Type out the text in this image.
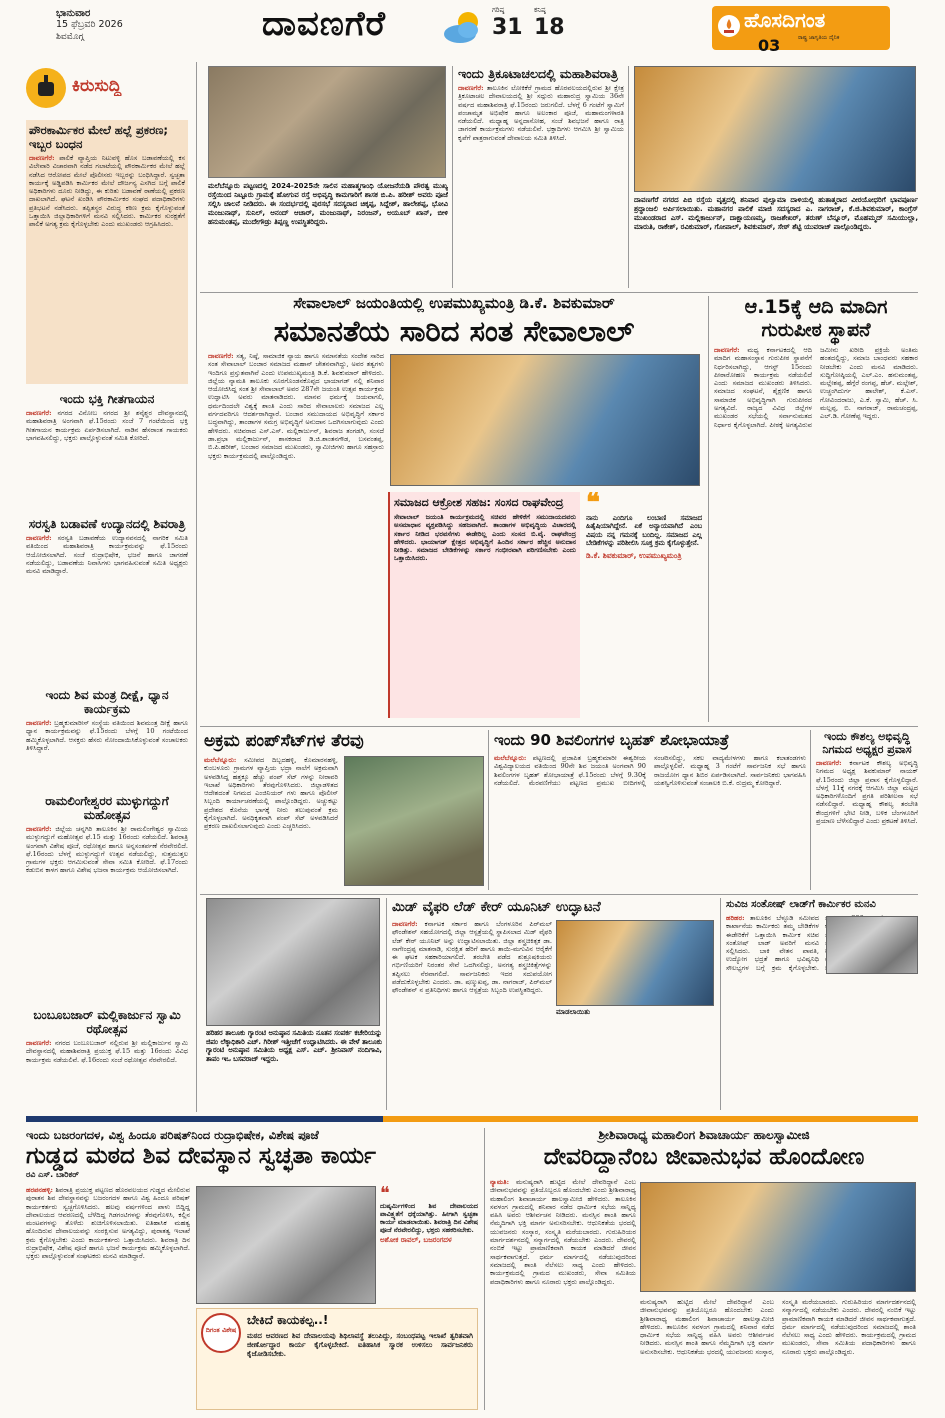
ಭಾನುವಾರ
15 ಫೆಬ್ರವರಿ 2026
ಶಿವಮೊಗ್ಗ	ದಾವಣಗೆರೆ	ಗರಿಷ್ಠ
31
ಕನಿಷ್ಠ
18	ಹೊಸದಿಗಂತ
ರಾಷ್ಟ್ರ ಜಾಗೃತಿಯ ದೈನಿಕ
03
ಕಿರುಸುದ್ದಿ
ಪೌರಕಾರ್ಮಿಕರ ಮೇಲೆ ಹಲ್ಲೆ ಪ್ರಕರಣ; ಇಬ್ಬರ ಬಂಧನ
ದಾವಣಗೆರೆ: ಪಾಲಿಕೆ ವ್ಯಾಪ್ತಿಯ ನಿಟುವಳ್ಳಿ ಹೊಸ ಬಡಾವಣೆಯಲ್ಲಿ ಕಸ ವಿಲೇವಾರಿ ವಿಚಾರವಾಗಿ ನಡೆದ ಗಲಾಟೆಯಲ್ಲಿ ಪೌರಕಾರ್ಮಿಕರ ಮೇಲೆ ಹಲ್ಲೆ ನಡೆಸಿದ ಆರೋಪದ ಮೇಲೆ ಪೊಲೀಸರು ಇಬ್ಬರನ್ನು ಬಂಧಿಸಿದ್ದಾರೆ. ಸ್ವಚ್ಛತಾ ಕಾರ್ಯಕ್ಕೆ ಅಡ್ಡಿಪಡಿಸಿ ಕಾರ್ಮಿಕರ ಮೇಲೆ ದೌರ್ಜನ್ಯ ಎಸಗಿದ ಬಗ್ಗೆ ಪಾಲಿಕೆ ಅಧಿಕಾರಿಗಳು ದೂರು ನೀಡಿದ್ದು, ಈ ಕುರಿತು ಬಡಾವಣೆ ಠಾಣೆಯಲ್ಲಿ ಪ್ರಕರಣ ದಾಖಲಾಗಿದೆ. ಘಟನೆ ಖಂಡಿಸಿ ಪೌರಕಾರ್ಮಿಕರ ಸಂಘದ ಪದಾಧಿಕಾರಿಗಳು ಪ್ರತಿಭಟನೆ ನಡೆಸಿದರು. ತಪ್ಪಿತಸ್ಥರ ವಿರುದ್ಧ ಕಠಿಣ ಕ್ರಮ ಕೈಗೊಳ್ಳುವಂತೆ ಒತ್ತಾಯಿಸಿ ಜಿಲ್ಲಾಧಿಕಾರಿಗಳಿಗೆ ಮನವಿ ಸಲ್ಲಿಸಿದರು. ಕಾರ್ಮಿಕರ ಸುರಕ್ಷತೆಗೆ ಪಾಲಿಕೆ ಅಗತ್ಯ ಕ್ರಮ ಕೈಗೊಳ್ಳಬೇಕು ಎಂದು ಮುಖಂಡರು ಆಗ್ರಹಿಸಿದರು.
ಇಂದು ಭಕ್ತಿ ಗೀತಗಾಯನ
ದಾವಣಗೆರೆ: ನಗರದ ವಿನೋಬ ನಗರದ ಶ್ರೀ ಶನೈಶ್ಚರ ದೇವಸ್ಥಾನದಲ್ಲಿ ಮಹಾಶಿವರಾತ್ರಿ ಅಂಗವಾಗಿ ಫೆ.15ರಂದು ಸಂಜೆ 7 ಗಂಟೆಯಿಂದ ಭಕ್ತಿ ಗೀತಗಾಯನ ಕಾರ್ಯಕ್ರಮ ಏರ್ಪಡಿಸಲಾಗಿದೆ. ನಾಡಿನ ಹೆಸರಾಂತ ಗಾಯಕರು ಭಾಗವಹಿಸಲಿದ್ದು, ಭಕ್ತರು ಪಾಲ್ಗೊಳ್ಳುವಂತೆ ಸಮಿತಿ ಕೋರಿದೆ.
ಸರಸ್ವತಿ ಬಡಾವಣೆ ಉದ್ಯಾನದಲ್ಲಿ ಶಿವರಾತ್ರಿ
ದಾವಣಗೆರೆ: ಸರಸ್ವತಿ ಬಡಾವಣೆಯ ಉದ್ಯಾನವನದಲ್ಲಿ ನಾಗರಿಕ ಸಮಿತಿ ವತಿಯಿಂದ ಮಹಾಶಿವರಾತ್ರಿ ಕಾರ್ಯಕ್ರಮವನ್ನು ಫೆ.15ರಂದು ಆಯೋಜಿಸಲಾಗಿದೆ. ಸಂಜೆ ರುದ್ರಾಭಿಷೇಕ, ಭಜನೆ ಹಾಗೂ ಜಾಗರಣೆ ನಡೆಯಲಿದ್ದು, ಬಡಾವಣೆಯ ನಿವಾಸಿಗಳು ಭಾಗವಹಿಸುವಂತೆ ಸಮಿತಿ ಅಧ್ಯಕ್ಷರು ಮನವಿ ಮಾಡಿದ್ದಾರೆ.
ಇಂದು ಶಿವ ಮಂತ್ರ ದೀಕ್ಷೆ, ಧ್ಯಾನ ಕಾರ್ಯಕ್ರಮ
ದಾವಣಗೆರೆ: ಬ್ರಹ್ಮಕುಮಾರೀಸ್ ಸಂಸ್ಥೆಯ ವತಿಯಿಂದ ಶಿವಮಂತ್ರ ದೀಕ್ಷೆ ಹಾಗೂ ಧ್ಯಾನ ಕಾರ್ಯಕ್ರಮವನ್ನು ಫೆ.15ರಂದು ಬೆಳಗ್ಗೆ 10 ಗಂಟೆಯಿಂದ ಹಮ್ಮಿಕೊಳ್ಳಲಾಗಿದೆ. ಆಸಕ್ತರು ಹೆಸರು ನೋಂದಾಯಿಸಿಕೊಳ್ಳುವಂತೆ ಸಂಚಾಲಕರು ತಿಳಿಸಿದ್ದಾರೆ.
ರಾಮಲಿಂಗೇಶ್ವರರ ಮುಳ್ಳುಗದ್ದುಗೆ ಮಹೋತ್ಸವ
ದಾವಣಗೆರೆ: ಜಿಲ್ಲೆಯ ಚನ್ನಗಿರಿ ತಾಲೂಕಿನ ಶ್ರೀ ರಾಮಲಿಂಗೇಶ್ವರ ಸ್ವಾಮಿಯ ಮುಳ್ಳುಗದ್ದುಗೆ ಮಹೋತ್ಸವ ಫೆ.15 ಮತ್ತು 16ರಂದು ನಡೆಯಲಿದೆ. ಶಿವರಾತ್ರಿ ಅಂಗವಾಗಿ ವಿಶೇಷ ಪೂಜೆ, ರಥೋತ್ಸವ ಹಾಗೂ ಅನ್ನಸಂತರ್ಪಣೆ ನೆರವೇರಲಿದೆ. ಫೆ.16ರಂದು ಬೆಳಗ್ಗೆ ಮುಳ್ಳುಗದ್ದುಗೆ ಉತ್ಸವ ನಡೆಯಲಿದ್ದು, ಸುತ್ತಮುತ್ತಲ ಗ್ರಾಮಗಳ ಭಕ್ತರು ಆಗಮಿಸುವಂತೆ ಸೇವಾ ಸಮಿತಿ ಕೋರಿದೆ. ಫೆ.17ರಂದು ಕಡುಬಿನ ಕಾಳಗ ಹಾಗೂ ವಿಶೇಷ ಭಜನಾ ಕಾರ್ಯಕ್ರಮ ಆಯೋಜಿಸಲಾಗಿದೆ.
ಬಂಬೂಬಜಾರ್ ಮಲ್ಲಿಕಾರ್ಜುನ ಸ್ವಾಮಿ ರಥೋತ್ಸವ
ದಾವಣಗೆರೆ: ನಗರದ ಬಂಬೂಬಜಾರ್ ನಲ್ಲಿರುವ ಶ್ರೀ ಮಲ್ಲಿಕಾರ್ಜುನ ಸ್ವಾಮಿ ದೇವಸ್ಥಾನದಲ್ಲಿ ಮಹಾಶಿವರಾತ್ರಿ ಪ್ರಯುಕ್ತ ಫೆ.15 ಮತ್ತು 16ರಂದು ವಿವಿಧ ಕಾರ್ಯಕ್ರಮ ನಡೆಯಲಿವೆ. ಫೆ.16ರಂದು ಸಂಜೆ ರಥೋತ್ಸವ ನೆರವೇರಲಿದೆ.
ಮಲೆಬೆನ್ನೂರು ಪಟ್ಟಣದಲ್ಲಿ 2024-2025ನೇ ಸಾಲಿನ ಮಹಾತ್ಮಗಾಂಧಿ ಯೋಜನೆಯಡಿ ಪೌರತ್ವ ಮುಖ್ಯ ರಸ್ತೆಯಿಂದ ನಿಟ್ಟೂರು ಗ್ರಾಮಕ್ಕೆ ಹೋಗುವ ರಸ್ತೆ ಅಭಿವೃದ್ಧಿ ಕಾಮಗಾರಿಗೆ ಶಾಸಕ ಬಿ.ಪಿ. ಹರೀಶ್ ಅವರು ಪೂಜೆ ಸಲ್ಲಿಸಿ ಚಾಲನೆ ನೀಡಿದರು. ಈ ಸಂದರ್ಭದಲ್ಲಿ ಪುರಸಭೆ ಸದಸ್ಯರಾದ ಚಿಕ್ಕಪ್ಪ, ಸಿದ್ದೇಶ್, ಹಾಲೇಶಪ್ಪ, ಭೋವಿ ಮಂಜುನಾಥ್, ಸುನಿಲ್, ಆನಂದ್ ಆಚಾರ್, ಮಂಜುನಾಥ್, ನಿರಂಜನ್, ಅಯೂಬ್ ಖಾನ್, ಬೀಳಿ ಹನುಮಂತಪ್ಪ, ಮುದೇಗೌಡ್ರು ತಿಪ್ಪಣ್ಣ ಉಪಸ್ಥಿತರಿದ್ದರು.
ಇಂದು ತ್ರಿಕೂಟಾಚಲದಲ್ಲಿ ಮಹಾಶಿವರಾತ್ರಿ
ದಾವಣಗೆರೆ: ತಾಲೂಕಿನ ಲೋಕಿಕೆರೆ ಗ್ರಾಮದ ಹೊರವಲಯದಲ್ಲಿರುವ ಶ್ರೀ ಕ್ಷೇತ್ರ ತ್ರಿಕೂಟಾಚಲ ದೇವಾಲಯದಲ್ಲಿ ಶ್ರೀ ಸದ್ಗುರು ಮಹಾರುದ್ರ ಸ್ವಾಮಿಯ 36ನೇ ವರ್ಷದ ಮಹಾಶಿವರಾತ್ರಿ ಫೆ.15ರಂದು ಜರುಗಲಿದೆ. ಬೆಳಗ್ಗೆ 6 ಗಂಟೆಗೆ ಸ್ವಾಮಿಗೆ ಪಂಚಾಮೃತ ಅಭಿಷೇಕ ಹಾಗೂ ಅಲಂಕಾರ ಪೂಜೆ, ಮಹಾಮಂಗಳಾರತಿ ನಡೆಯಲಿದೆ. ಮಧ್ಯಾಹ್ನ ಅನ್ನದಾಸೋಹ, ಸಂಜೆ ಶಿವಭಜನೆ ಹಾಗೂ ರಾತ್ರಿ ಜಾಗರಣೆ ಕಾರ್ಯಕ್ರಮಗಳು ನಡೆಯಲಿವೆ. ಭಕ್ತಾದಿಗಳು ಆಗಮಿಸಿ ಶ್ರೀ ಸ್ವಾಮಿಯ ಕೃಪೆಗೆ ಪಾತ್ರರಾಗುವಂತೆ ದೇವಾಲಯ ಸಮಿತಿ ತಿಳಿಸಿದೆ.
ದಾವಣಗೆರೆ ನಗರದ ಪಿಬಿ ರಸ್ತೆಯ ವೃತ್ತದಲ್ಲಿ ಶನಿವಾರ ಪುಲ್ವಾಮಾ ದಾಳಿಯಲ್ಲಿ ಹುತಾತ್ಮರಾದ ವೀರಯೋಧರಿಗೆ ಭಾವಪೂರ್ಣ ಶ್ರದ್ಧಾಂಜಲಿ ಅರ್ಪಿಸಲಾಯಿತು. ಮಹಾನಗರ ಪಾಲಿಕೆ ಮಾಜಿ ಸದಸ್ಯರಾದ ಎ. ನಾಗರಾಜ್, ಕೆ.ಜಿ.ಶಿವಕುಮಾರ್, ಕಾಂಗ್ರೆಸ್ ಮುಖಂಡರಾದ ಎಸ್. ಮಲ್ಲಿಕಾರ್ಜುನ್, ದಾಕ್ಷಾಯಣಮ್ಮ, ರಾಜಶೇಖರ್, ತರುಣ್ ಬೆನ್ನೂರ್, ಮೊಹಮ್ಮದ್ ಸಮಿಯುಲ್ಲಾ, ಮಾರುತಿ, ರಾಕೇಶ್, ರವಿಕುಮಾರ್, ಗೋಪಾಲ್, ಶಿವಕುಮಾರ್, ಸೇಠ್ ಶೆಟ್ಟಿ ಯುವರಾಜ್ ಪಾಲ್ಗೊಂಡಿದ್ದರು.
ಸೇವಾಲಾಲ್ ಜಯಂತಿಯಲ್ಲಿ ಉಪಮುಖ್ಯಮಂತ್ರಿ ಡಿ.ಕೆ. ಶಿವಕುಮಾರ್
ಸಮಾನತೆಯ ಸಾರಿದ ಸಂತ ಸೇವಾಲಾಲ್
ದಾವಣಗೆರೆ: ಸತ್ಯ, ನಿಷ್ಠೆ, ಸಾಮಾಜಿಕ ನ್ಯಾಯ ಹಾಗೂ ಸಮಾನತೆಯ ಸಂದೇಶ ಸಾರಿದ ಸಂತ ಸೇವಾಲಾಲ್ ಬಂಜಾರ ಸಮಾಜದ ಮಹಾನ್ ಚೇತನವಾಗಿದ್ದು, ಅವರ ತತ್ವಗಳು ಇಂದಿಗೂ ಪ್ರಸ್ತುತವಾಗಿವೆ ಎಂದು ಉಪಮುಖ್ಯಮಂತ್ರಿ ಡಿ.ಕೆ. ಶಿವಕುಮಾರ್ ಹೇಳಿದರು. ಜಿಲ್ಲೆಯ ನ್ಯಾಮತಿ ತಾಲೂಕು ಸೂರಗೊಂಡನಕೊಪ್ಪದ ಭಾಯಾಗಡ್ ನಲ್ಲಿ ಶನಿವಾರ ಆಯೋಜಿಸಿದ್ದ ಸಂತ ಶ್ರೀ ಸೇವಾಲಾಲ್ ಅವರ 287ನೇ ಜಯಂತಿ ಉತ್ಸವ ಕಾರ್ಯಕ್ರಮ ಉದ್ಘಾಟಿಸಿ ಅವರು ಮಾತನಾಡಿದರು. ಮಾನವ ಧರ್ಮಕ್ಕೆ ಜಯವಾಗಲಿ, ಧರ್ಮದಿಂದಲೇ ವಿಶ್ವಕ್ಕೆ ಶಾಂತಿ ಎಂದು ಸಾರಿದ ಸೇವಾಲಾಲರು ಸಮಾಜದ ಎಲ್ಲ ವರ್ಗದವರಿಗೂ ಆದರ್ಶರಾಗಿದ್ದಾರೆ. ಬಂಜಾರ ಸಮುದಾಯದ ಅಭಿವೃದ್ಧಿಗೆ ಸರ್ಕಾರ ಬದ್ಧವಾಗಿದ್ದು, ತಾಂಡಾಗಳ ಸಮಗ್ರ ಅಭಿವೃದ್ಧಿಗೆ ಅನುದಾನ ಒದಗಿಸಲಾಗುವುದು ಎಂದು ಹೇಳಿದರು. ಸಚಿವರಾದ ಎಸ್.ಎಸ್. ಮಲ್ಲಿಕಾರ್ಜುನ್, ಶಿವರಾಜ ತಂಗಡಗಿ, ಸಂಸದೆ ಡಾ.ಪ್ರಭಾ ಮಲ್ಲಿಕಾರ್ಜುನ್, ಶಾಸಕರಾದ ಡಿ.ಜಿ.ಶಾಂತನಗೌಡ, ಬಸವಂತಪ್ಪ, ಬಿ.ಪಿ.ಹರೀಶ್, ಬಂಜಾರ ಸಮಾಜದ ಮುಖಂಡರು, ಸ್ವಾಮೀಜಿಗಳು ಹಾಗೂ ಸಹಸ್ರಾರು ಭಕ್ತರು ಕಾರ್ಯಕ್ರಮದಲ್ಲಿ ಪಾಲ್ಗೊಂಡಿದ್ದರು.
ಸಮಾಜದ ಆಕ್ರೋಶ ಸಹಜ: ಸಂಸದ ರಾಘವೇಂದ್ರ
ಸೇವಾಲಾಲ್ ಜಯಂತಿ ಕಾರ್ಯಕ್ರಮದಲ್ಲಿ ಸಚಿವರ ಹೇಳಿಕೆಗೆ ಸಮುದಾಯದವರು ಅಸಮಾಧಾನ ವ್ಯಕ್ತಪಡಿಸಿದ್ದು ಸಹಜವಾಗಿದೆ. ತಾಂಡಾಗಳ ಅಭಿವೃದ್ಧಿಯ ವಿಚಾರದಲ್ಲಿ ಸರ್ಕಾರ ನೀಡಿದ ಭರವಸೆಗಳು ಈಡೇರಿಲ್ಲ ಎಂದು ಸಂಸದ ಬಿ.ವೈ. ರಾಘವೇಂದ್ರ ಹೇಳಿದರು. ಭಾಯಾಗಡ್ ಕ್ಷೇತ್ರದ ಅಭಿವೃದ್ಧಿಗೆ ಹಿಂದಿನ ಸರ್ಕಾರ ಹೆಚ್ಚಿನ ಅನುದಾನ ನೀಡಿತ್ತು. ಸಮಾಜದ ಬೇಡಿಕೆಗಳನ್ನು ಸರ್ಕಾರ ಗಂಭೀರವಾಗಿ ಪರಿಗಣಿಸಬೇಕು ಎಂದು ಒತ್ತಾಯಿಸಿದರು.
❝
ನಾನು ಎಂದಿಗೂ ಲಂಬಾಣಿ ಸಮಾಜದ ಹಿತೈಷಿಯಾಗಿದ್ದೇನೆ. ಏಕೆ ಅನ್ಯಾಯವಾಗಿದೆ ಎಂಬ ವಿಷಯ ನನ್ನ ಗಮನಕ್ಕೆ ಬಂದಿಲ್ಲ. ಸಮಾಜದ ಎಲ್ಲ ಬೇಡಿಕೆಗಳನ್ನು ಪರಿಶೀಲಿಸಿ ಸೂಕ್ತ ಕ್ರಮ ಕೈಗೊಳ್ಳುತ್ತೇನೆ.
ಡಿ.ಕೆ. ಶಿವಕುಮಾರ್, ಉಪಮುಖ್ಯಮಂತ್ರಿ
ಆ.15ಕ್ಕೆ ಆದಿ ಮಾದಿಗ ಗುರುಪೀಠ ಸ್ಥಾಪನೆ
ದಾವಣಗೆರೆ: ಮಧ್ಯ ಕರ್ನಾಟಕದಲ್ಲಿ ಆದಿ ಮಾದಿಗ ಮಹಾಸಂಸ್ಥಾನ ಗುರುಪೀಠ ಸ್ಥಾಪನೆಗೆ ನಿರ್ಧರಿಸಲಾಗಿದ್ದು, ಆಗಸ್ಟ್ 15ರಂದು ಪೀಠಾರೋಹಣ ಕಾರ್ಯಕ್ರಮ ನಡೆಯಲಿದೆ ಎಂದು ಸಮಾಜದ ಮುಖಂಡರು ತಿಳಿಸಿದರು. ಸಮಾಜದ ಸಂಘಟನೆ, ಶೈಕ್ಷಣಿಕ ಹಾಗೂ ಸಾಮಾಜಿಕ ಅಭಿವೃದ್ಧಿಗಾಗಿ ಗುರುಪೀಠದ ಅಗತ್ಯವಿದೆ. ರಾಜ್ಯದ ವಿವಿಧ ಜಿಲ್ಲೆಗಳ ಮುಖಂಡರ ಸಭೆಯಲ್ಲಿ ಸರ್ವಾನುಮತದ ನಿರ್ಧಾರ ಕೈಗೊಳ್ಳಲಾಗಿದೆ. ಪೀಠಕ್ಕೆ ಅಗತ್ಯವಿರುವ ಜಮೀನು ಖರೀದಿ ಪ್ರಕ್ರಿಯೆ ಅಂತಿಮ ಹಂತದಲ್ಲಿದ್ದು, ಸಮಾಜ ಬಾಂಧವರು ಸಹಕಾರ ನೀಡಬೇಕು ಎಂದು ಮನವಿ ಮಾಡಿದರು. ಸುದ್ದಿಗೋಷ್ಠಿಯಲ್ಲಿ ಎಲ್.ಎಂ. ಹನುಮಂತಪ್ಪ, ಮಲ್ಲೇಶಪ್ಪ, ಹೆಗ್ಗೆರೆ ರಂಗಪ್ಪ, ಹೆಚ್. ಮಲ್ಲೇಶ್, ಉಚ್ಚಂಗಿದುರ್ಗ ಹಾಲೇಶ್, ಕೆ.ಎಸ್. ಗೋವಿಂದರಾಜು, ಎ.ಕೆ. ಸ್ವಾಮಿ, ಹೆಚ್. ಸಿ. ಮಲ್ಲಪ್ಪ, ಬಿ. ನಾಗರಾಜ್, ರಾಮಚಂದ್ರಪ್ಪ, ಎಲ್.ಡಿ. ಗೋಣೆಪ್ಪ ಇದ್ದರು.
ಅಕ್ರಮ ಪಂಪ್‌ಸೆಟ್‌ಗಳ ತೆರವು
ಮಲೆಬೆನ್ನೂರು: ಸಮೀಪದ ದಿಬ್ಬದಹಳ್ಳಿ, ಕೊಮಾರನಹಳ್ಳಿ, ಕುಂಬಳೂರು ಗ್ರಾಮಗಳ ವ್ಯಾಪ್ತಿಯ ಭದ್ರಾ ನಾಲೆಗೆ ಅಕ್ರಮವಾಗಿ ಅಳವಡಿಸಿದ್ದ ಹತ್ತಕ್ಕೂ ಹೆಚ್ಚು ಪಂಪ್ ಸೆಟ್ ಗಳನ್ನು ನೀರಾವರಿ ಇಲಾಖೆ ಅಧಿಕಾರಿಗಳು ತೆರವುಗೊಳಿಸಿದರು. ಜಿಲ್ಲಾಡಳಿತದ ಆದೇಶದಂತೆ ನಿಗಮದ ಎಂಜಿನಿಯರ್ ಗಳು ಹಾಗೂ ಪೊಲೀಸ್ ಸಿಬ್ಬಂದಿ ಕಾರ್ಯಾಚರಣೆಯಲ್ಲಿ ಪಾಲ್ಗೊಂಡಿದ್ದರು. ಅಚ್ಚುಕಟ್ಟು ಪ್ರದೇಶದ ಕೊನೆಯ ಭಾಗಕ್ಕೆ ನೀರು ತಲುಪುವಂತೆ ಕ್ರಮ ಕೈಗೊಳ್ಳಲಾಗಿದೆ. ಅನಧಿಕೃತವಾಗಿ ಪಂಪ್ ಸೆಟ್ ಅಳವಡಿಸಿದರೆ ಪ್ರಕರಣ ದಾಖಲಿಸಲಾಗುವುದು ಎಂದು ಎಚ್ಚರಿಸಿದರು.
ಇಂದು 90 ಶಿವಲಿಂಗಗಳ ಬೃಹತ್ ಶೋಭಾಯಾತ್ರೆ
ಮಲೆಬೆನ್ನೂರು: ಪಟ್ಟಣದಲ್ಲಿ ಪ್ರಜಾಪಿತ ಬ್ರಹ್ಮಕುಮಾರೀ ಈಶ್ವರೀಯ ವಿಶ್ವವಿದ್ಯಾಲಯದ ವತಿಯಿಂದ 90ನೇ ಶಿವ ಜಯಂತಿ ಅಂಗವಾಗಿ 90 ಶಿವಲಿಂಗಗಳ ಬೃಹತ್ ಶೋಭಾಯಾತ್ರೆ ಫೆ.15ರಂದು ಬೆಳಗ್ಗೆ 9.30ಕ್ಕೆ ನಡೆಯಲಿದೆ. ಮೆರವಣಿಗೆಯು ಪಟ್ಟಣದ ಪ್ರಮುಖ ಬೀದಿಗಳಲ್ಲಿ ಸಂಚರಿಸಲಿದ್ದು, ಸಕಲ ವಾದ್ಯಮೇಳಗಳು ಹಾಗೂ ಕಲಾತಂಡಗಳು ಪಾಲ್ಗೊಳ್ಳಲಿವೆ. ಮಧ್ಯಾಹ್ನ 3 ಗಂಟೆಗೆ ಸಾರ್ವಜನಿಕ ಸಭೆ ಹಾಗೂ ರಾಜಯೋಗ ಧ್ಯಾನ ಶಿಬಿರ ಏರ್ಪಡಿಸಲಾಗಿದೆ. ಸಾರ್ವಜನಿಕರು ಭಾಗವಹಿಸಿ ಯಶಸ್ವಿಗೊಳಿಸುವಂತೆ ಸಂಚಾಲಕಿ ಬಿ.ಕೆ. ರುದ್ರಮ್ಮ ಕೋರಿದ್ದಾರೆ.
ಇಂದು ಕೌಶಲ್ಯ ಅಭಿವೃದ್ಧಿ ನಿಗಮದ ಅಧ್ಯಕ್ಷರ ಪ್ರವಾಸ
ದಾವಣಗೆರೆ: ಕರ್ನಾಟಕ ಕೌಶಲ್ಯ ಅಭಿವೃದ್ಧಿ ನಿಗಮದ ಅಧ್ಯಕ್ಷ ಶಿವಕುಮಾರ್ ನಾಯಕ್ ಫೆ.15ರಂದು ಜಿಲ್ಲಾ ಪ್ರವಾಸ ಕೈಗೊಳ್ಳಲಿದ್ದಾರೆ. ಬೆಳಗ್ಗೆ 11ಕ್ಕೆ ನಗರಕ್ಕೆ ಆಗಮಿಸಿ ಜಿಲ್ಲಾ ಮಟ್ಟದ ಅಧಿಕಾರಿಗಳೊಂದಿಗೆ ಪ್ರಗತಿ ಪರಿಶೀಲನಾ ಸಭೆ ನಡೆಸಲಿದ್ದಾರೆ. ಮಧ್ಯಾಹ್ನ ಕೌಶಲ್ಯ ತರಬೇತಿ ಕೇಂದ್ರಗಳಿಗೆ ಭೇಟಿ ನೀಡಿ, ಬಳಿಕ ಬೆಂಗಳೂರಿಗೆ ಪ್ರಯಾಣ ಬೆಳೆಸಲಿದ್ದಾರೆ ಎಂದು ಪ್ರಕಟಣೆ ತಿಳಿಸಿದೆ.
ಹರಿಹರ ತಾಲೂಕು ಗ್ಯಾರಂಟಿ ಅನುಷ್ಠಾನ ಸಮಿತಿಯ ನೂತನ ಸಂಪರ್ಕ ಕಚೇರಿಯನ್ನು ಜಿಪಂ ಲೆಕ್ಕಾಧಿಕಾರಿ ಎಚ್. ಗಿರೀಶ್ ಇತ್ತೀಚೆಗೆ ಉದ್ಘಾಟಿಸಿದರು. ಈ ವೇಳೆ ತಾಲೂಕು ಗ್ಯಾರಂಟಿ ಅನುಷ್ಠಾನ ಸಮಿತಿಯ ಅಧ್ಯಕ್ಷ ಎಸ್. ಎಚ್. ಶ್ರೀನಿವಾಸ್ ನಂದಿಗಾವಿ, ತಾಪಂ ಇಒ ಬಸವರಾಜ್ ಇದ್ದರು.
ಮಿಡ್ ವೈಫರಿ ಲೆಡ್ ಕೇರ್ ಯೂನಿಟ್ ಉದ್ಘಾಟನೆ
ಮಾಡಲಾಯಿತು
ದಾವಣಗೆರೆ: ಕರ್ನಾಟಕ ಸರ್ಕಾರ ಹಾಗೂ ಬೆಂಗಳೂರಿನ ಪಿರ್‌ಮಲ್ ಫೌಂಡೇಶನ್ ಸಹಯೋಗದಲ್ಲಿ ಜಿಲ್ಲಾ ಆಸ್ಪತ್ರೆಯಲ್ಲಿ ಸ್ಥಾಪಿಸಲಾದ ಮಿಡ್ ವೈಫರಿ ಲೆಡ್ ಕೇರ್ ಯೂನಿಟ್ ಅನ್ನು ಉದ್ಘಾಟಿಸಲಾಯಿತು. ಜಿಲ್ಲಾ ಶಸ್ತ್ರಚಿಕಿತ್ಸಕ ಡಾ. ನಾಗೇಂದ್ರಪ್ಪ ಮಾತನಾಡಿ, ಸುರಕ್ಷಿತ ಹೆರಿಗೆ ಹಾಗೂ ತಾಯಿ-ಮಗುವಿನ ಆರೈಕೆಗೆ ಈ ಘಟಕ ಸಹಕಾರಿಯಾಗಲಿದೆ. ತರಬೇತಿ ಪಡೆದ ಶುಶ್ರೂಷಕಿಯರು ಗರ್ಭಿಣಿಯರಿಗೆ ನಿರಂತರ ಸೇವೆ ಒದಗಿಸಲಿದ್ದು, ಅನಗತ್ಯ ಶಸ್ತ್ರಚಿಕಿತ್ಸೆಗಳನ್ನು ತಪ್ಪಿಸಲು ನೆರವಾಗಲಿದೆ. ಸಾರ್ವಜನಿಕರು ಇದರ ಸದುಪಯೋಗ ಪಡೆದುಕೊಳ್ಳಬೇಕು ಎಂದರು. ಡಾ. ಷಣ್ಮುಖಪ್ಪ, ಡಾ. ನಾಗರಾಜ್, ಪಿರ್‌ಮಲ್ ಫೌಂಡೇಶನ್ ನ ಪ್ರತಿನಿಧಿಗಳು ಹಾಗೂ ಆಸ್ಪತ್ರೆಯ ಸಿಬ್ಬಂದಿ ಉಪಸ್ಥಿತರಿದ್ದರು.
ಸುವಿಜ ಸಂತೋಷ್ ಲಾಡ್‌ಗೆ ಕಾರ್ಮಿಕರ ಮನವಿ
ಹರಿಹರ: ತಾಲೂಕಿನ ಬೆಳ್ಳೂಡಿ ಸಮೀಪದ ಕಾರ್ಖಾನೆಯ ಕಾರ್ಮಿಕರು ತಮ್ಮ ಬೇಡಿಕೆಗಳ ಈಡೇರಿಕೆಗೆ ಒತ್ತಾಯಿಸಿ ಕಾರ್ಮಿಕ ಸಚಿವ ಸಂತೋಷ್ ಲಾಡ್ ಅವರಿಗೆ ಮನವಿ ಸಲ್ಲಿಸಿದರು. ಬಾಕಿ ವೇತನ ಪಾವತಿ, ಉದ್ಯೋಗ ಭದ್ರತೆ ಹಾಗೂ ಭವಿಷ್ಯನಿಧಿ ಸೌಲಭ್ಯಗಳ ಬಗ್ಗೆ ಕ್ರಮ ಕೈಗೊಳ್ಳಬೇಕು.
ಇಂದು ಬಜರಂಗದಳ, ವಿಶ್ವ ಹಿಂದೂ ಪರಿಷತ್‌ನಿಂದ ರುದ್ರಾಭಿಷೇಕ, ವಿಶೇಷ ಪೂಜೆ
ಗುಡ್ಡದ ಮಠದ ಶಿವ ದೇವಸ್ಥಾನ ಸ್ವಚ್ಛತಾ ಕಾರ್ಯ
ರವಿ ಎಸ್. ಬಾರಿಕರ್
ಹರಪನಹಳ್ಳಿ: ಶಿವರಾತ್ರಿ ಪ್ರಯುಕ್ತ ಪಟ್ಟಣದ ಹೊರವಲಯದ ಗುಡ್ಡದ ಮೇಲಿರುವ ಪುರಾತನ ಶಿವ ದೇವಸ್ಥಾನವನ್ನು ಬಜರಂಗದಳ ಹಾಗೂ ವಿಶ್ವ ಹಿಂದೂ ಪರಿಷತ್ ಕಾರ್ಯಕರ್ತರು ಸ್ವಚ್ಛಗೊಳಿಸಿದರು. ಹಲವು ವರ್ಷಗಳಿಂದ ಪಾಳು ಬಿದ್ದಿದ್ದ ದೇವಾಲಯದ ಆವರಣದಲ್ಲಿ ಬೆಳೆದಿದ್ದ ಗಿಡಗಂಟಿಗಳನ್ನು ತೆರವುಗೊಳಿಸಿ, ಕಲ್ಲಿನ ಮಂಟಪಗಳನ್ನು ತೊಳೆದು ಶುಚಿಗೊಳಿಸಲಾಯಿತು. ಐತಿಹಾಸಿಕ ಮಹತ್ವ ಹೊಂದಿರುವ ದೇವಾಲಯವನ್ನು ಸಂರಕ್ಷಿಸುವ ಅಗತ್ಯವಿದ್ದು, ಪುರಾತತ್ವ ಇಲಾಖೆ ಕ್ರಮ ಕೈಗೊಳ್ಳಬೇಕು ಎಂದು ಕಾರ್ಯಕರ್ತರು ಒತ್ತಾಯಿಸಿದರು. ಶಿವರಾತ್ರಿ ದಿನ ರುದ್ರಾಭಿಷೇಕ, ವಿಶೇಷ ಪೂಜೆ ಹಾಗೂ ಭಜನೆ ಕಾರ್ಯಕ್ರಮ ಹಮ್ಮಿಕೊಳ್ಳಲಾಗಿದೆ. ಭಕ್ತರು ಪಾಲ್ಗೊಳ್ಳುವಂತೆ ಸಂಘಟಕರು ಮನವಿ ಮಾಡಿದ್ದಾರೆ.
❝
ದುಷ್ಕರ್ಮಿಗಳಿಂದ ಶಿವ ದೇವಾಲಯದ ಪಾವಿತ್ರ್ಯತೆಗೆ ಧಕ್ಕೆಯಾಗಿತ್ತು. ಹೀಗಾಗಿ ಸ್ವಚ್ಛತಾ ಕಾರ್ಯ ಮಾಡಲಾಯಿತು. ಶಿವರಾತ್ರಿ ದಿನ ವಿಶೇಷ ಪೂಜೆ ನೆರವೇರಲಿದ್ದು, ಭಕ್ತರು ಸಹಕರಿಸಬೇಕು.
ಅಶೋಕ ರಾವಲ್, ಬಜರಂಗದಳ
ದಿಗಂತ ವಿಶೇಷ
ಬೇಕಿದೆ ಕಾಯಕಲ್ಪ..!
ಮಠದ ಆವರಣದ ಶಿವ ದೇವಾಲಯವು ಶಿಥಿಲಾವಸ್ಥೆ ತಲುಪಿದ್ದು, ಸಂಬಂಧಪಟ್ಟ ಇಲಾಖೆ ತ್ವರಿತವಾಗಿ ಜೀರ್ಣೋದ್ಧಾರ ಕಾರ್ಯ ಕೈಗೊಳ್ಳಬೇಕಿದೆ. ಐತಿಹಾಸಿಕ ಸ್ಮಾರಕ ಉಳಿಸಲು ಸಾರ್ವಜನಿಕರು ಕೈಜೋಡಿಸಬೇಕು.
ಶ್ರೀಶಿವಾರಾಧ್ಯ ಮಹಾಲಿಂಗ ಶಿವಾಚಾರ್ಯ ಹಾಲಸ್ವಾಮೀಜಿ
ದೇವರಿದ್ದಾನೆಂಬ ಜೀವಾನುಭವ ಹೊಂದೋಣ
ನ್ಯಾಮತಿ: ಮನುಷ್ಯರಾಗಿ ಹುಟ್ಟಿದ ಮೇಲೆ ದೇವರಿದ್ದಾನೆ ಎಂಬ ಜೀವಾನುಭವವನ್ನು ಪ್ರತಿಯೊಬ್ಬರೂ ಹೊಂದಬೇಕು ಎಂದು ಶ್ರೀಶಿವಾರಾಧ್ಯ ಮಹಾಲಿಂಗ ಶಿವಾಚಾರ್ಯ ಹಾಲಸ್ವಾಮೀಜಿ ಹೇಳಿದರು. ತಾಲೂಕಿನ ಸವಳಂಗ ಗ್ರಾಮದಲ್ಲಿ ಶನಿವಾರ ನಡೆದ ಧಾರ್ಮಿಕ ಸಭೆಯ ಸಾನ್ನಿಧ್ಯ ವಹಿಸಿ ಅವರು ಆಶೀರ್ವಚನ ನೀಡಿದರು. ಮನಸ್ಸಿನ ಶಾಂತಿ ಹಾಗೂ ನೆಮ್ಮದಿಗಾಗಿ ಭಕ್ತಿ ಮಾರ್ಗ ಅನುಸರಿಸಬೇಕು. ಆಧುನಿಕತೆಯ ಭರದಲ್ಲಿ ಯುವಜನರು ಸಂಸ್ಕಾರ, ಸಂಸ್ಕೃತಿ ಮರೆಯಬಾರದು. ಗುರುಹಿರಿಯರ ಮಾರ್ಗದರ್ಶನದಲ್ಲಿ ಸನ್ಮಾರ್ಗದಲ್ಲಿ ನಡೆಯಬೇಕು ಎಂದರು. ದೇವರಲ್ಲಿ ನಂಬಿಕೆ ಇಟ್ಟು ಪ್ರಾಮಾಣಿಕವಾಗಿ ಕಾಯಕ ಮಾಡಿದರೆ ಜೀವನ ಸಾರ್ಥಕವಾಗುತ್ತದೆ. ಧರ್ಮ ಮಾರ್ಗದಲ್ಲಿ ನಡೆಯುವುದರಿಂದ ಸಮಾಜದಲ್ಲಿ ಶಾಂತಿ ನೆಲೆಸಲು ಸಾಧ್ಯ ಎಂದು ಹೇಳಿದರು. ಕಾರ್ಯಕ್ರಮದಲ್ಲಿ ಗ್ರಾಮದ ಮುಖಂಡರು, ಸೇವಾ ಸಮಿತಿಯ ಪದಾಧಿಕಾರಿಗಳು ಹಾಗೂ ನೂರಾರು ಭಕ್ತರು ಪಾಲ್ಗೊಂಡಿದ್ದರು.
ಮನುಷ್ಯರಾಗಿ ಹುಟ್ಟಿದ ಮೇಲೆ ದೇವರಿದ್ದಾನೆ ಎಂಬ ಜೀವಾನುಭವವನ್ನು ಪ್ರತಿಯೊಬ್ಬರೂ ಹೊಂದಬೇಕು ಎಂದು ಶ್ರೀಶಿವಾರಾಧ್ಯ ಮಹಾಲಿಂಗ ಶಿವಾಚಾರ್ಯ ಹಾಲಸ್ವಾಮೀಜಿ ಹೇಳಿದರು. ತಾಲೂಕಿನ ಸವಳಂಗ ಗ್ರಾಮದಲ್ಲಿ ಶನಿವಾರ ನಡೆದ ಧಾರ್ಮಿಕ ಸಭೆಯ ಸಾನ್ನಿಧ್ಯ ವಹಿಸಿ ಅವರು ಆಶೀರ್ವಚನ ನೀಡಿದರು. ಮನಸ್ಸಿನ ಶಾಂತಿ ಹಾಗೂ ನೆಮ್ಮದಿಗಾಗಿ ಭಕ್ತಿ ಮಾರ್ಗ ಅನುಸರಿಸಬೇಕು. ಆಧುನಿಕತೆಯ ಭರದಲ್ಲಿ ಯುವಜನರು ಸಂಸ್ಕಾರ, ಸಂಸ್ಕೃತಿ ಮರೆಯಬಾರದು. ಗುರುಹಿರಿಯರ ಮಾರ್ಗದರ್ಶನದಲ್ಲಿ ಸನ್ಮಾರ್ಗದಲ್ಲಿ ನಡೆಯಬೇಕು ಎಂದರು. ದೇವರಲ್ಲಿ ನಂಬಿಕೆ ಇಟ್ಟು ಪ್ರಾಮಾಣಿಕವಾಗಿ ಕಾಯಕ ಮಾಡಿದರೆ ಜೀವನ ಸಾರ್ಥಕವಾಗುತ್ತದೆ. ಧರ್ಮ ಮಾರ್ಗದಲ್ಲಿ ನಡೆಯುವುದರಿಂದ ಸಮಾಜದಲ್ಲಿ ಶಾಂತಿ ನೆಲೆಸಲು ಸಾಧ್ಯ ಎಂದು ಹೇಳಿದರು. ಕಾರ್ಯಕ್ರಮದಲ್ಲಿ ಗ್ರಾಮದ ಮುಖಂಡರು, ಸೇವಾ ಸಮಿತಿಯ ಪದಾಧಿಕಾರಿಗಳು ಹಾಗೂ ನೂರಾರು ಭಕ್ತರು ಪಾಲ್ಗೊಂಡಿದ್ದರು.
